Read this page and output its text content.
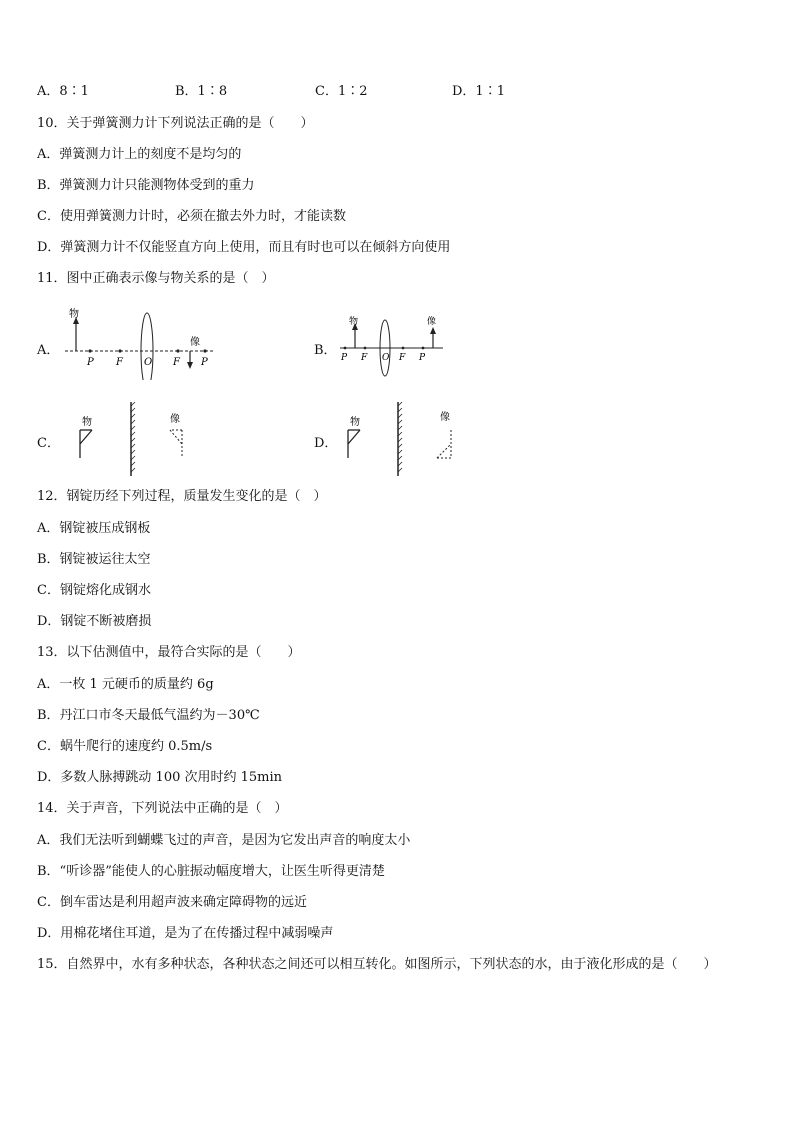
A．8∶1	B．1∶8	C．1∶2	D．1∶1
10．关于弹簧测力计下列说法正确的是（　　）
A．弹簧测力计上的刻度不是均匀的
B．弹簧测力计只能测物体受到的重力
C．使用弹簧测力计时，必须在撤去外力时，才能读数
D．弹簧测力计不仅能竖直方向上使用，而且有时也可以在倾斜方向使用
11．图中正确表示像与物关系的是（　）
A．
物
P F O F P
像
B．
物
P F O F P
像
C．
物	像
D．
物	像
12．钢锭历经下列过程，质量发生变化的是（　）
A．钢锭被压成钢板
B．钢锭被运往太空
C．钢锭熔化成钢水
D．钢锭不断被磨损
13．以下估测值中，最符合实际的是（　　）
A．一枚 1 元硬币的质量约 6g
B．丹江口市冬天最低气温约为－30℃
C．蜗牛爬行的速度约 0.5m/s
D．多数人脉搏跳动 100 次用时约 15min
14．关于声音，下列说法中正确的是（　）
A．我们无法听到蝴蝶飞过的声音，是因为它发出声音的响度太小
B．“听诊器”能使人的心脏振动幅度增大，让医生听得更清楚
C．倒车雷达是利用超声波来确定障碍物的远近
D．用棉花堵住耳道，是为了在传播过程中减弱噪声
15．自然界中，水有多种状态，各种状态之间还可以相互转化。如图所示，下列状态的水，由于液化形成的是（　　）
